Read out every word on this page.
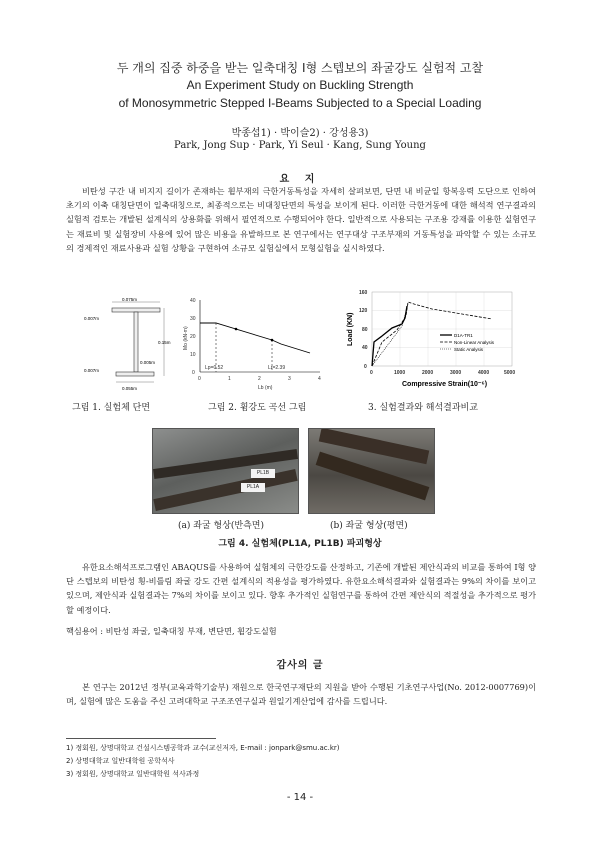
두 개의 집중 하중을 받는 일축대칭 I형 스텝보의 좌굴강도 실험적 고찰
An Experiment Study on Buckling Strength
of Monosymmetric Stepped I-Beams Subjected to a Special Loading
박종섭1) · 박이슬2) · 강성용3)
Park, Jong Sup · Park, Yi Seul · Kang, Sung Young
요 지
비탄성 구간 내 비지지 길이가 존재하는 휨부재의 극한거동특성을 자세히 살펴보면, 단면 내 비균일 항복응력 도단으로 인하여 초기의 이축 대칭단면이 일축대칭으로, 최종적으로는 비대칭단면의 특성을 보이게 된다. 이러한 극한거동에 대한 해석적 연구결과의 실험적 검토는 개발된 설계식의 상용화를 위해서 필연적으로 수행되어야 한다. 일반적으로 사용되는 구조용 강재를 이용한 실험연구는 재료비 및 실험장비 사용에 있어 많은 비용을 유발하므로 본 연구에서는 연구대상 구조부재의 거동특성을 파악할 수 있는 소규모의 경제적인 재료사용과 실험 상황을 구현하여 소규모 실험실에서 모형실험을 실시하였다.
0.075m
0.007m
0.15m
0.005m
0.007m
0.055m
그림 1. 실험체 단면
0
10
20
30
40
0	1	2	3	4
Lp=0.52	Lr=2.39
Lb (m)
Mo (kN-m)
그림 2. 휨강도 곡선 그림
0
40
80
120
160
0	1000	2000	3000	4000	5000
Compressive Strain(10⁻⁶)
Load (KN)	D1A-TR1
Non-Linear Analysis
Static Analysis
3. 실험결과와 해석결과비교
PL1B
PL1A
(a) 좌굴 형상(반측면)	(b) 좌굴 형상(평면)
그림 4. 실험체(PL1A, PL1B) 파괴형상
유한요소해석프로그램인 ABAQUS를 사용하여 실험체의 극한강도를 산정하고, 기존에 개발된 제안식과의 비교를 통하여 I형 양단 스텝보의 비탄성 횡-비틀림 좌굴 강도 간편 설계식의 적용성을 평가하였다. 유한요소해석결과와 실험결과는 9%의 차이를 보이고 있으며, 제안식과 실험결과는 7%의 차이를 보이고 있다. 향후 추가적인 실험연구를 통하여 간편 제안식의 적절성을 추가적으로 평가할 예정이다.
핵심용어 : 비탄성 좌굴, 일축대칭 부재, 변단면, 휨강도실험
감사의 글
본 연구는 2012년 정부(교육과학기술부) 재원으로 한국연구재단의 지원을 받아 수행된 기초연구사업(No. 2012-0007769)이며, 실험에 많은 도움을 주신 고려대학교 구조조연구실과 원일기계산업에 감사를 드립니다.
1) 정회원, 상명대학교 건설시스템공학과 교수(교신저자, E-mail : jonpark@smu.ac.kr)
2) 상명대학교 일반대학원 공학석사
3) 정회원, 상명대학교 일반대학원 석사과정
- 14 -
